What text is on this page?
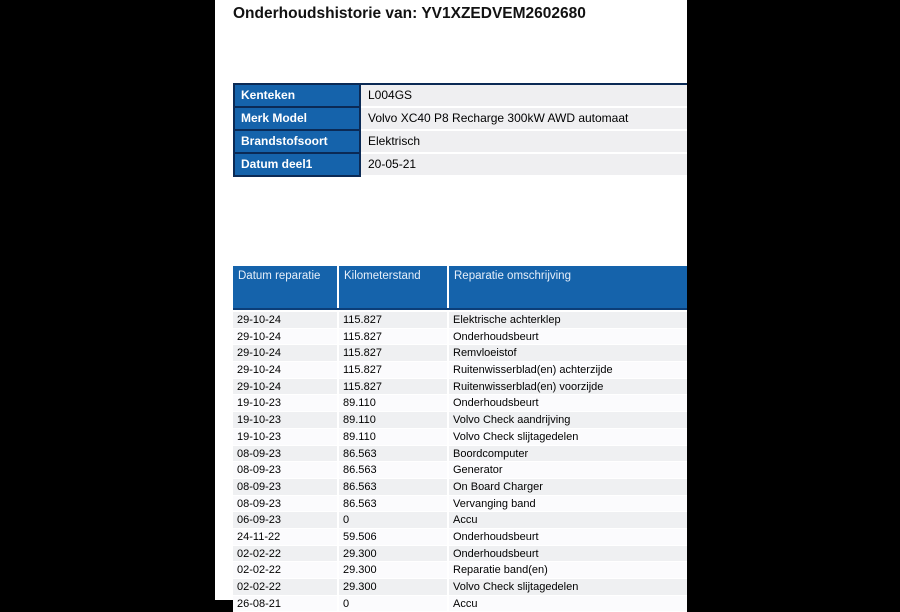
Onderhoudshistorie van: YV1XZEDVEM2602680
Kenteken	L004GS
Merk Model	Volvo XC40 P8 Recharge 300kW AWD automaat
Brandstofsoort	Elektrisch
Datum deel1	20-05-21
Datum reparatie	Kilometerstand	Reparatie omschrijving
29-10-24	115.827	Elektrische achterklep
29-10-24	115.827	Onderhoudsbeurt
29-10-24	115.827	Remvloeistof
29-10-24	115.827	Ruitenwisserblad(en) achterzijde
29-10-24	115.827	Ruitenwisserblad(en) voorzijde
19-10-23	89.110	Onderhoudsbeurt
19-10-23	89.110	Volvo Check aandrijving
19-10-23	89.110	Volvo Check slijtagedelen
08-09-23	86.563	Boordcomputer
08-09-23	86.563	Generator
08-09-23	86.563	On Board Charger
08-09-23	86.563	Vervanging band
06-09-23	0	Accu
24-11-22	59.506	Onderhoudsbeurt
02-02-22	29.300	Onderhoudsbeurt
02-02-22	29.300	Reparatie band(en)
02-02-22	29.300	Volvo Check slijtagedelen
26-08-21	0	Accu
